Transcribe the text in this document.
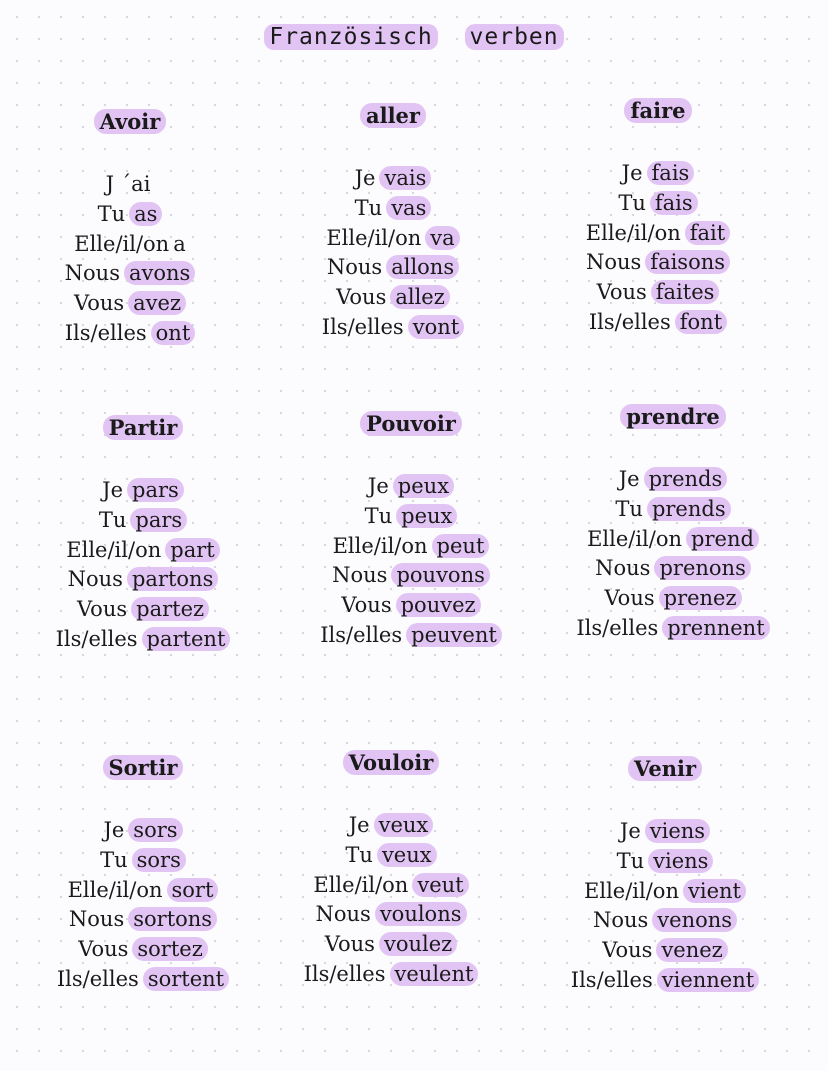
Französisch verben
Avoir
J ´ai
Tu as
Elle/il/on a
Nous avons
Vous avez
Ils/elles ont
aller
Je vais
Tu vas
Elle/il/on va
Nous allons
Vous allez
Ils/elles vont
faire
Je fais
Tu fais
Elle/il/on fait
Nous faisons
Vous faites
Ils/elles font
Partir
Je pars
Tu pars
Elle/il/on part
Nous partons
Vous partez
Ils/elles partent
Pouvoir
Je peux
Tu peux
Elle/il/on peut
Nous pouvons
Vous pouvez
Ils/elles peuvent
prendre
Je prends
Tu prends
Elle/il/on prend
Nous prenons
Vous prenez
Ils/elles prennent
Sortir
Je sors
Tu sors
Elle/il/on sort
Nous sortons
Vous sortez
Ils/elles sortent
Vouloir
Je veux
Tu veux
Elle/il/on veut
Nous voulons
Vous voulez
Ils/elles veulent
Venir
Je viens
Tu viens
Elle/il/on vient
Nous venons
Vous venez
Ils/elles viennent
